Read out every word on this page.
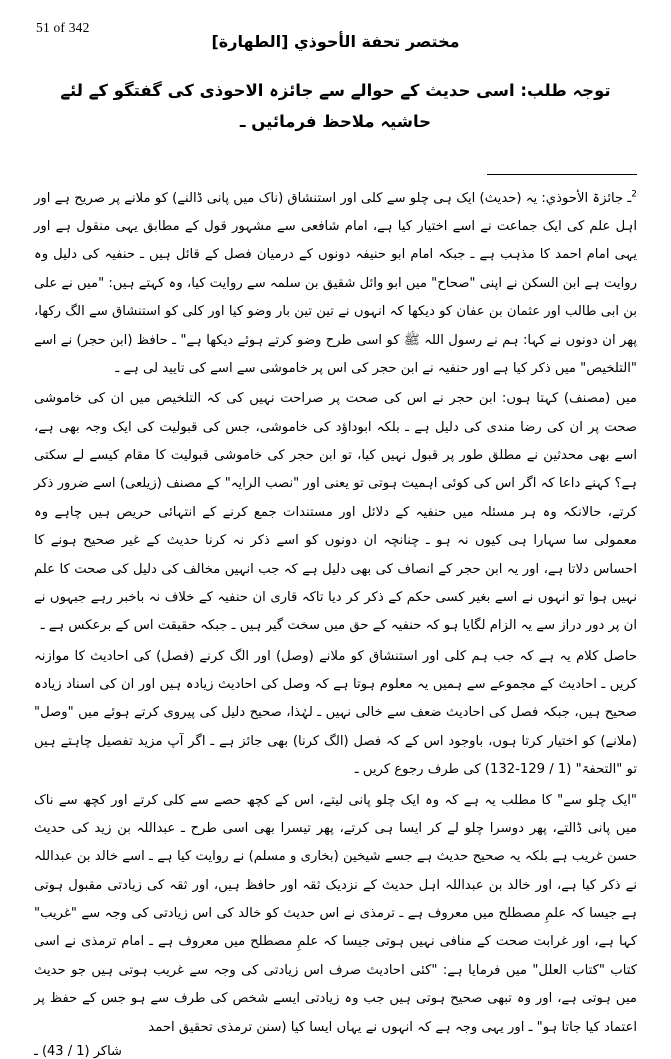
51 of 342
مختصر تحفة الأحوذي [الطهارة]
توجہ طلب: اسی حدیث کے حوالے سے جائزہ الاحوذی کی گفتگو کے لئے حاشیہ ملاحظ فرمائیں ـ

$^2$ـ جائزۃ الأحوذي: یہ (حدیث) ایک ہی چلو سے کلی اور استنشاق (ناک میں پانی ڈالنے) کو ملانے پر صریح ہے اور اہل علم کی ایک جماعت نے اسے اختیار کیا ہے، امام شافعی سے مشہور قول کے مطابق یہی منقول ہے اور یہی امام احمد کا مذہب ہے ـ جبکہ امام ابو حنیفہ دونوں کے درمیان فصل کے قائل ہیں ـ حنفیہ کی دلیل وہ روایت ہے ابن السکن نے اپنی "صحاح" میں ابو وائل شقیق بن سلمہ سے روایت کیا، وہ کہتے ہیں: "میں نے علی بن ابی طالب اور عثمان بن عفان کو دیکھا کہ انہوں نے تین تین بار وضو کیا اور کلی کو استنشاق سے الگ رکھا، پھر ان دونوں نے کہا: ہم نے رسول اللہ ﷺ کو اسی طرح وضو کرتے ہوئے دیکھا ہے" ـ حافظ (ابن حجر) نے اسے "التلخیص" میں ذکر کیا ہے اور حنفیہ نے ابن حجر کی اس پر خاموشی سے اسے کی تایید لی ہے ـ

میں (مصنف) کہتا ہوں: ابن حجر نے اس کی صحت پر صراحت نہیں کی کہ التلخیص میں ان کی خاموشی صحت پر ان کی رضا مندی کی دلیل ہے ـ بلکہ ابوداؤد کی خاموشی، جس کی قبولیت کی ایک وجہ بھی ہے، اسے بھی محدثین نے مطلق طور پر قبول نہیں کیا، تو ابن حجر کی خاموشی قبولیت کا مقام کیسے لے سکتی ہے؟ کہنے داعا کہ اگر اس کی کوئی اہمیت ہوتی تو یعنی اور "نصب الرایہ" کے مصنف (زیلعی) اسے ضرور ذکر کرتے، حالانکہ وہ ہر مسئلہ میں حنفیہ کے دلائل اور مستندات جمع کرنے کے انتہائی حریص ہیں چاہے وہ معمولی سا سہارا ہی کیوں نہ ہو ـ چنانچہ ان دونوں کو اسے ذکر نہ کرنا حدیث کے غیر صحیح ہونے کا احساس دلاتا ہے، اور یہ ابن حجر کے انصاف کی بھی دلیل ہے کہ جب انہیں مخالف کی دلیل کی صحت کا علم نہیں ہوا تو انہوں نے اسے بغیر کسی حکم کے ذکر کر دیا تاکہ قاری ان حنفیہ کے خلاف نہ باخبر رہے جبہوں نے ان پر دور دراز سے یہ الزام لگایا ہو کہ حنفیہ کے حق میں سخت گیر ہیں ـ جبکہ حقیقت اس کے برعکس ہے ـ

حاصل کلام یہ ہے کہ جب ہم کلی اور استنشاق کو ملانے (وصل) اور الگ کرنے (فصل) کی احادیث کا موازنہ کریں ـ احادیث کے مجموعے سے ہمیں یہ معلوم ہوتا ہے کہ وصل کی احادیث زیادہ ہیں اور ان کی اسناد زیادہ صحیح ہیں، جبکہ فصل کی احادیث ضعف سے خالی نہیں ـ لہٰذا، صحیح دلیل کی پیروی کرتے ہوئے میں "وصل" (ملانے) کو اختیار کرتا ہوں، باوجود اس کے کہ فصل (الگ کرنا) بھی جائز ہے ـ اگر آپ مزید تفصیل چاہتے ہیں تو "التحفۃ" (1 / 129-132) کی طرف رجوع کریں ـ

"ایک چلو سے" کا مطلب یہ ہے کہ وہ ایک چلو پانی لیتے، اس کے کچھ حصے سے کلی کرتے اور کچھ سے ناک میں پانی ڈالتے، پھر دوسرا چلو لے کر ایسا ہی کرتے، پھر تیسرا بھی اسی طرح ـ عبداللہ بن زید کی حدیث حسن غریب ہے بلکہ یہ صحیح حدیث ہے جسے شیخین (بخاری و مسلم) نے روایت کیا ہے ـ اسے خالد بن عبداللہ نے ذکر کیا ہے، اور خالد بن عبداللہ اہل حدیث کے نزدیک ثقہ اور حافظ ہیں، اور ثقہ کی زیادتی مقبول ہوتی ہے جیسا کہ علمِ مصطلح میں معروف ہے ـ ترمذی نے اس حدیث کو خالد کی اس زیادتی کی وجہ سے "غریب" کہا ہے، اور غرابت صحت کے منافی نہیں ہوتی جیسا کہ علمِ مصطلح میں معروف ہے ـ امام ترمذی نے اسی کتاب "کتاب العلل" میں فرمایا ہے: "کئی احادیث صرف اس زیادتی کی وجہ سے غریب ہوتی ہیں جو حدیث میں ہوتی ہے، اور وہ تبھی صحیح ہوتی ہیں جب وہ زیادتی ایسے شخص کی طرف سے ہو جس کے حفظ پر اعتماد کیا جاتا ہو" ـ اور یہی وجہ ہے کہ انہوں نے یہاں ایسا کیا (سنن ترمذی تحقیق احمد

شاکر (1 / 43) ـ
